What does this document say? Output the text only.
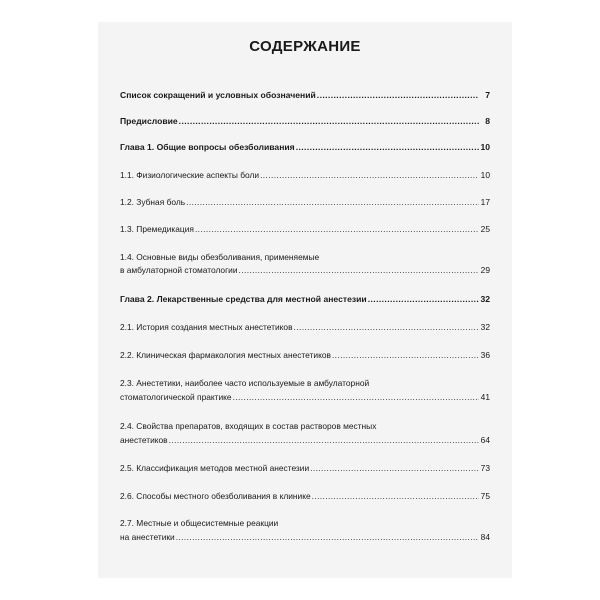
СОДЕРЖАНИЕ
Список сокращений и условных обозначений .....	7
Предисловие .....	8
Глава 1. Общие вопросы обезболивания .....	10
1.1. Физиологические аспекты боли .....	10
1.2. Зубная боль .....	17
1.3. Премедикация .....	25
1.4. Основные виды обезболивания, применяемые
в амбулаторной стоматологии .....	29
Глава 2. Лекарственные средства для местной анестезии .....	32
2.1. История создания местных анестетиков .....	32
2.2. Клиническая фармакология местных анестетиков .....	36
2.3. Анестетики, наиболее часто используемые в амбулаторной
стоматологической практике .....	41
2.4. Свойства препаратов, входящих в состав растворов местных
анестетиков .....	64
2.5. Классификация методов местной анестезии .....	73
2.6. Способы местного обезболивания в клинике .....	75
2.7. Местные и общесистемные реакции
на анестетики .....	84
